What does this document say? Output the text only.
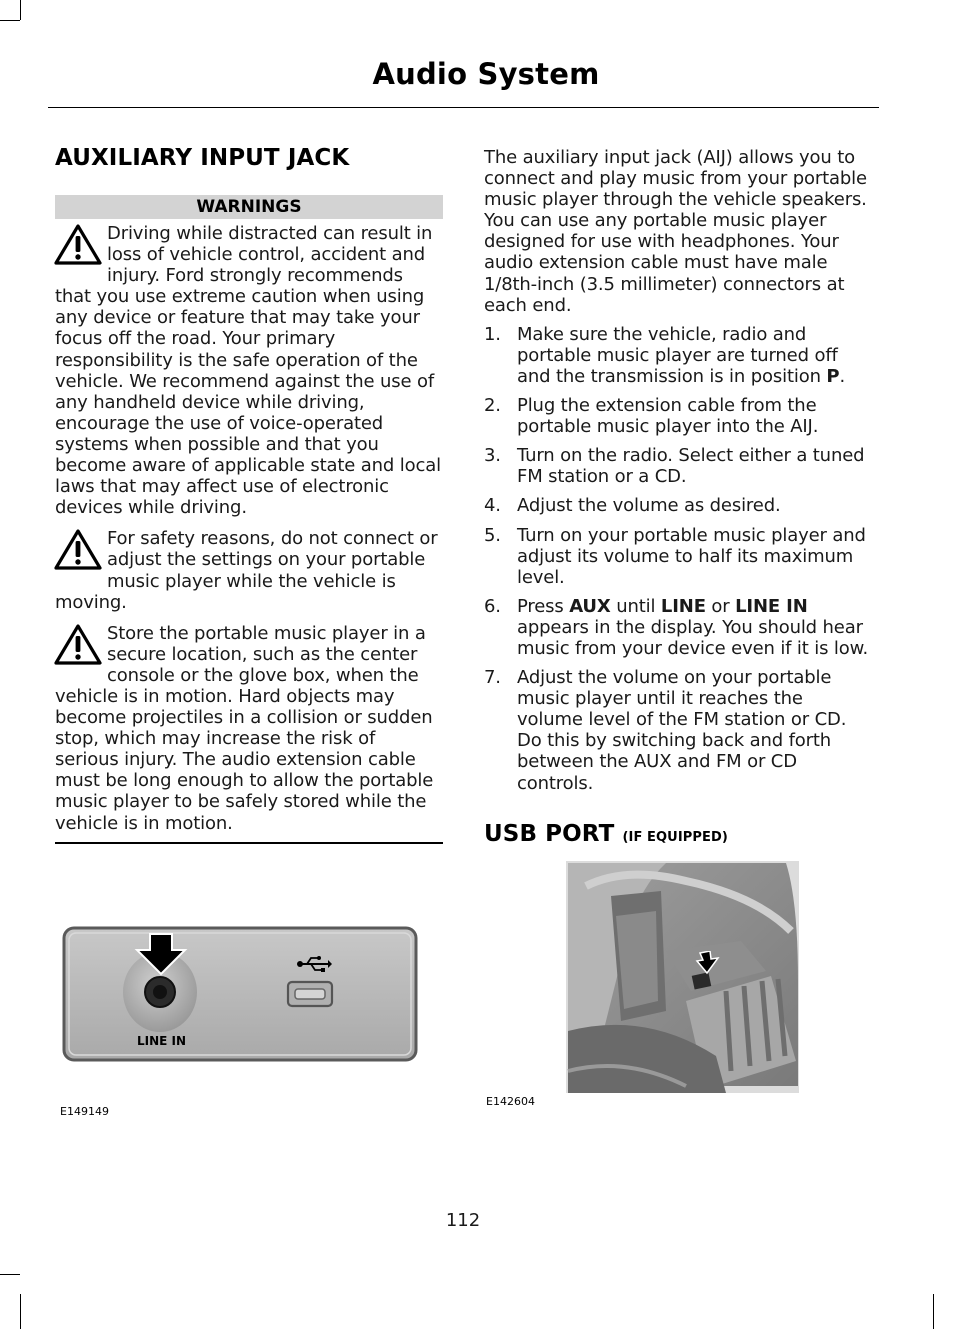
Audio System
AUXILIARY INPUT JACK
WARNINGS
Driving while distracted can result in loss of vehicle control, accident and injury. Ford strongly recommends that you use extreme caution when using any device or feature that may take your focus off the road. Your primary responsibility is the safe operation of the vehicle. We recommend against the use of any handheld device while driving, encourage the use of voice-operated systems when possible and that you become aware of applicable state and local laws that may affect use of electronic devices while driving.
For safety reasons, do not connect or adjust the settings on your portable music player while the vehicle is moving.
Store the portable music player in a secure location, such as the center console or the glove box, when the vehicle is in motion. Hard objects may become projectiles in a collision or sudden stop, which may increase the risk of serious injury. The audio extension cable must be long enough to allow the portable music player to be safely stored while the vehicle is in motion.
LINE IN
E149149

The auxiliary input jack (AIJ) allows you to connect and play music from your portable music player through the vehicle speakers. You can use any portable music player designed for use with headphones. Your audio extension cable must have male 1/8th-inch (3.5 millimeter) connectors at each end.

1. Make sure the vehicle, radio and portable music player are turned off and the transmission is in position P.
2. Plug the extension cable from the portable music player into the AIJ.
3. Turn on the radio. Select either a tuned FM station or a CD.
4. Adjust the volume as desired.
5. Turn on your portable music player and adjust its volume to half its maximum level.
6. Press AUX until LINE or LINE IN appears in the display. You should hear music from your device even if it is low.
7. Adjust the volume on your portable music player until it reaches the volume level of the FM station or CD. Do this by switching back and forth between the AUX and FM or CD controls.
USB PORT (IF EQUIPPED)
E142604
112
